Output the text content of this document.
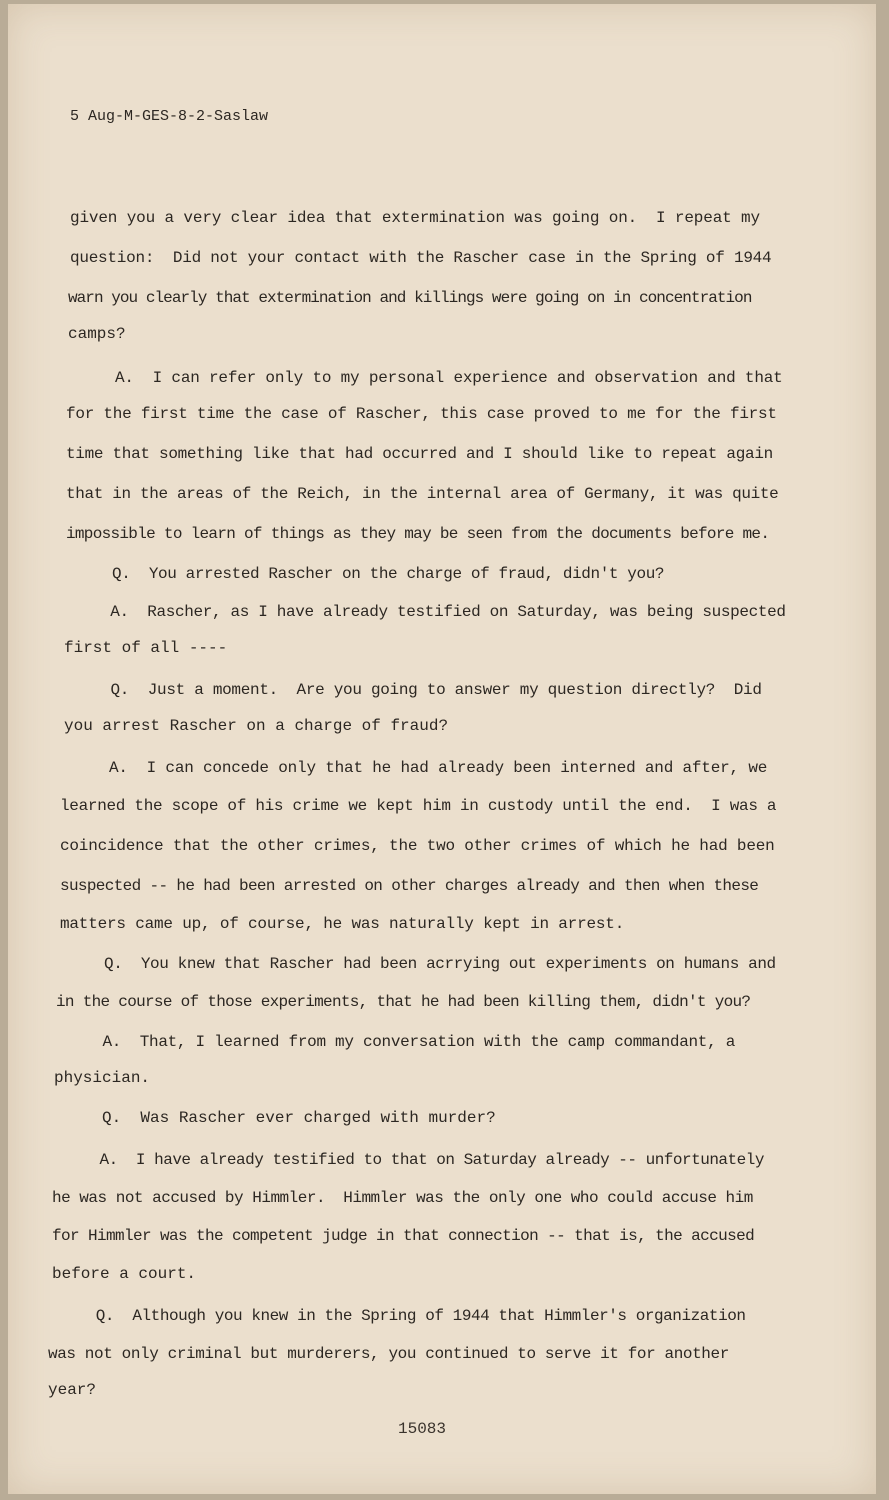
5 Aug-M-GES-8-2-Saslaw

given you a very clear idea that extermination was going on.  I repeat my

question:  Did not your contact with the Rascher case in the Spring of 1944

warn you clearly that extermination and killings were going on in concentration

camps?

A.  I can refer only to my personal experience and observation and that

for the first time the case of Rascher, this case proved to me for the first

time that something like that had occurred and I should like to repeat again

that in the areas of the Reich, in the internal area of Germany, it was quite

impossible to learn of things as they may be seen from the documents before me.

Q.  You arrested Rascher on the charge of fraud, didn't you?

A.  Rascher, as I have already testified on Saturday, was being suspected

first of all ----

Q.  Just a moment.  Are you going to answer my question directly?  Did

you arrest Rascher on a charge of fraud?

A.  I can concede only that he had already been interned and after, we

learned the scope of his crime we kept him in custody until the end.  I was a

coincidence that the other crimes, the two other crimes of which he had been

suspected -- he had been arrested on other charges already and then when these

matters came up, of course, he was naturally kept in arrest.

Q.  You knew that Rascher had been acrrying out experiments on humans and

in the course of those experiments, that he had been killing them, didn't you?

A.  That, I learned from my conversation with the camp commandant, a

physician.

Q.  Was Rascher ever charged with murder?

A.  I have already testified to that on Saturday already -- unfortunately

he was not accused by Himmler.  Himmler was the only one who could accuse him

for Himmler was the competent judge in that connection -- that is, the accused

before a court.

Q.  Although you knew in the Spring of 1944 that Himmler's organization

was not only criminal but murderers, you continued to serve it for another

year?

15083
